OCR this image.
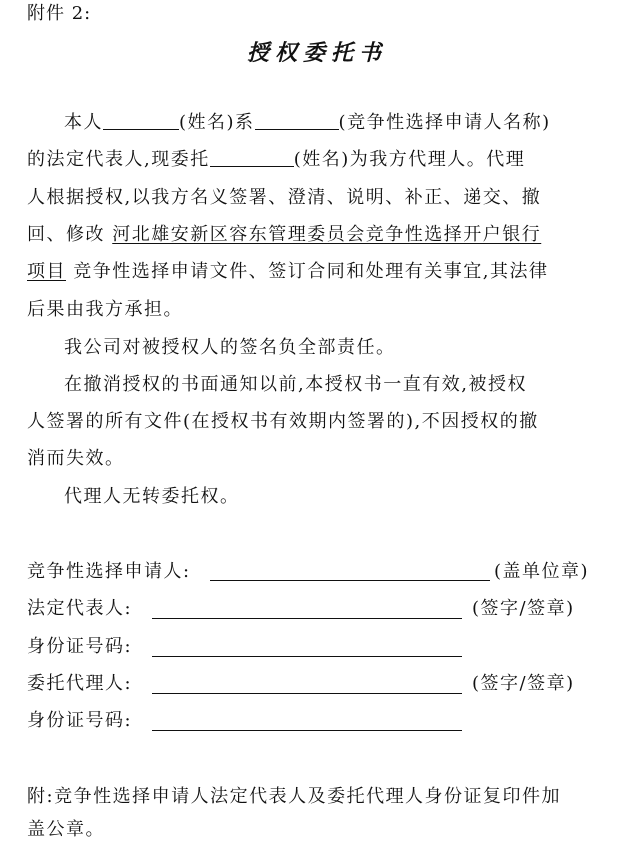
附件 2:
授权委托书
本人	(姓名)系	(竞争性选择申请人名称)
的法定代表人,现委托	(姓名)为我方代理人。代理
人根据授权,以我方名义签署、澄清、说明、补正、递交、撤
回、修改 河北雄安新区容东管理委员会竞争性选择开户银行
项目 竞争性选择申请文件、签订合同和处理有关事宜,其法律
后果由我方承担。
我公司对被授权人的签名负全部责任。
在撤消授权的书面通知以前,本授权书一直有效,被授权
人签署的所有文件(在授权书有效期内签署的),不因授权的撤
消而失效。
代理人无转委托权。
竞争性选择申请人:	(盖单位章)
法定代表人:	(签字/签章)
身份证号码:
委托代理人:	(签字/签章)
身份证号码:
附:竞争性选择申请人法定代表人及委托代理人身份证复印件加
盖公章。
